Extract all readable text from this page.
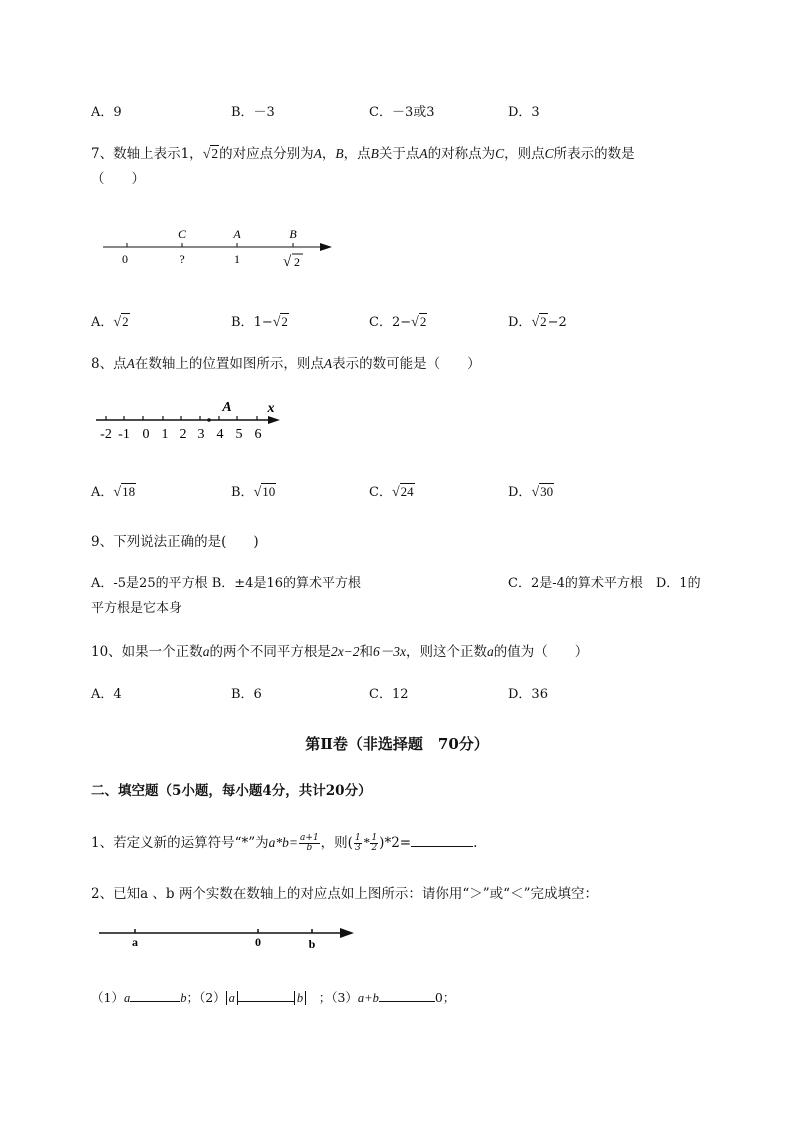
A．9	B．－3	C．－3或3	D．3
7、数轴上表示1，√2的对应点分别为A，B，点B关于点A的对称点为C，则点C所表示的数是
（　　）
C	A	B
0	?	1	√ 2
A．√2	B．1−√2	C．2−√2	D．√2−2
8、点A在数轴上的位置如图所示，则点A表示的数可能是（　　）
A	x
-2 -1 0 1 2 3 4 5 6
A．√18	B．√10	C．√24	D．√30
9、下列说法正确的是(　　)
A．-5是25的平方根 B．±4是16的算术平方根	C．2是-4的算术平方根　D．1的
平方根是它本身
10、如果一个正数a的两个不同平方根是2x−2和6－3x，则这个正数a的值为（　　）
A．4	B．6	C．12	D．36
第Ⅱ卷（非选择题　70分）
二、填空题（5小题，每小题4分，共计20分）
1、若定义新的运算符号“*”为$a*b= \frac{a+1}{b}$ ，则( $\frac{1}{3} * \frac{1}{2} )*2=$	.
2、已知a 、b 两个实数在数轴上的对应点如上图所示：请你用“＞”或“＜”完成填空：
a	0	b
（1）a	b；（2） a	b　 ；（3）a+b	0；
